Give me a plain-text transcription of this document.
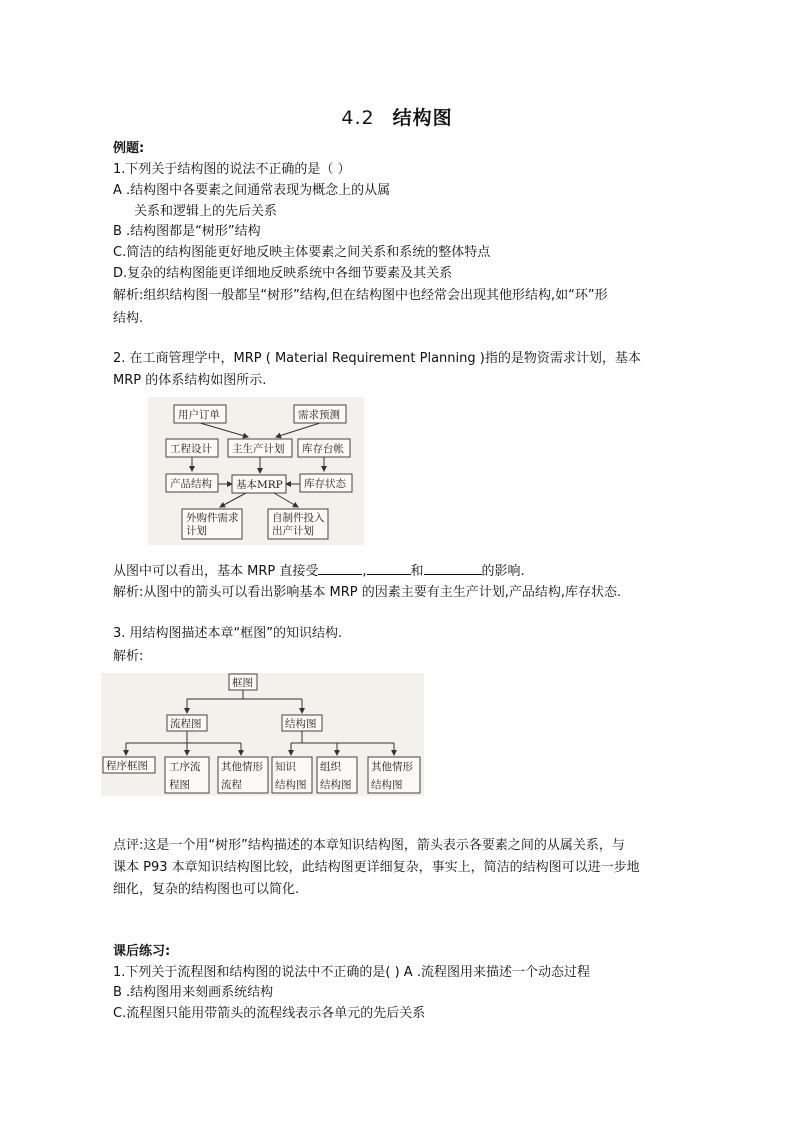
4.2 结构图
例题:
1.下列关于结构图的说法不正确的是（ ）
A .结构图中各要素之间通常表现为概念上的从属
关系和逻辑上的先后关系
B .结构图都是“树形”结构
C.简洁的结构图能更好地反映主体要素之间关系和系统的整体特点
D.复杂的结构图能更详细地反映系统中各细节要素及其关系
解析:组织结构图一般都呈“树形”结构,但在结构图中也经常会出现其他形结构,如“环”形
结构.
2. 在工商管理学中，MRP ( Material Requirement Planning )指的是物资需求计划，基本
MRP 的体系结构如图所示.
用户订单	需求预测
工程设计 主生产计划 库存台帐
产品结构 基本MRP 库存状态
外购件需求
计划
自制件投入
出产计划
从图中可以看出，基本 MRP 直接受	,	和	的影响.
解析:从图中的箭头可以看出影响基本 MRP 的因素主要有主生产计划,产品结构,库存状态.
3. 用结构图描述本章“框图”的知识结构.
解析:
框图
流程图	结构图
程序框图 工序流
程图
其他情形
流程
知识
结构图
组织
结构图
其他情形
结构图
点评:这是一个用“树形”结构描述的本章知识结构图，箭头表示各要素之间的从属关系，与
课本 P93 本章知识结构图比较，此结构图更详细复杂，事实上，简洁的结构图可以进一步地
细化，复杂的结构图也可以简化.
课后练习:
1.下列关于流程图和结构图的说法中不正确的是( ) A .流程图用来描述一个动态过程
B .结构图用来刻画系统结构
C.流程图只能用带箭头的流程线表示各单元的先后关系
